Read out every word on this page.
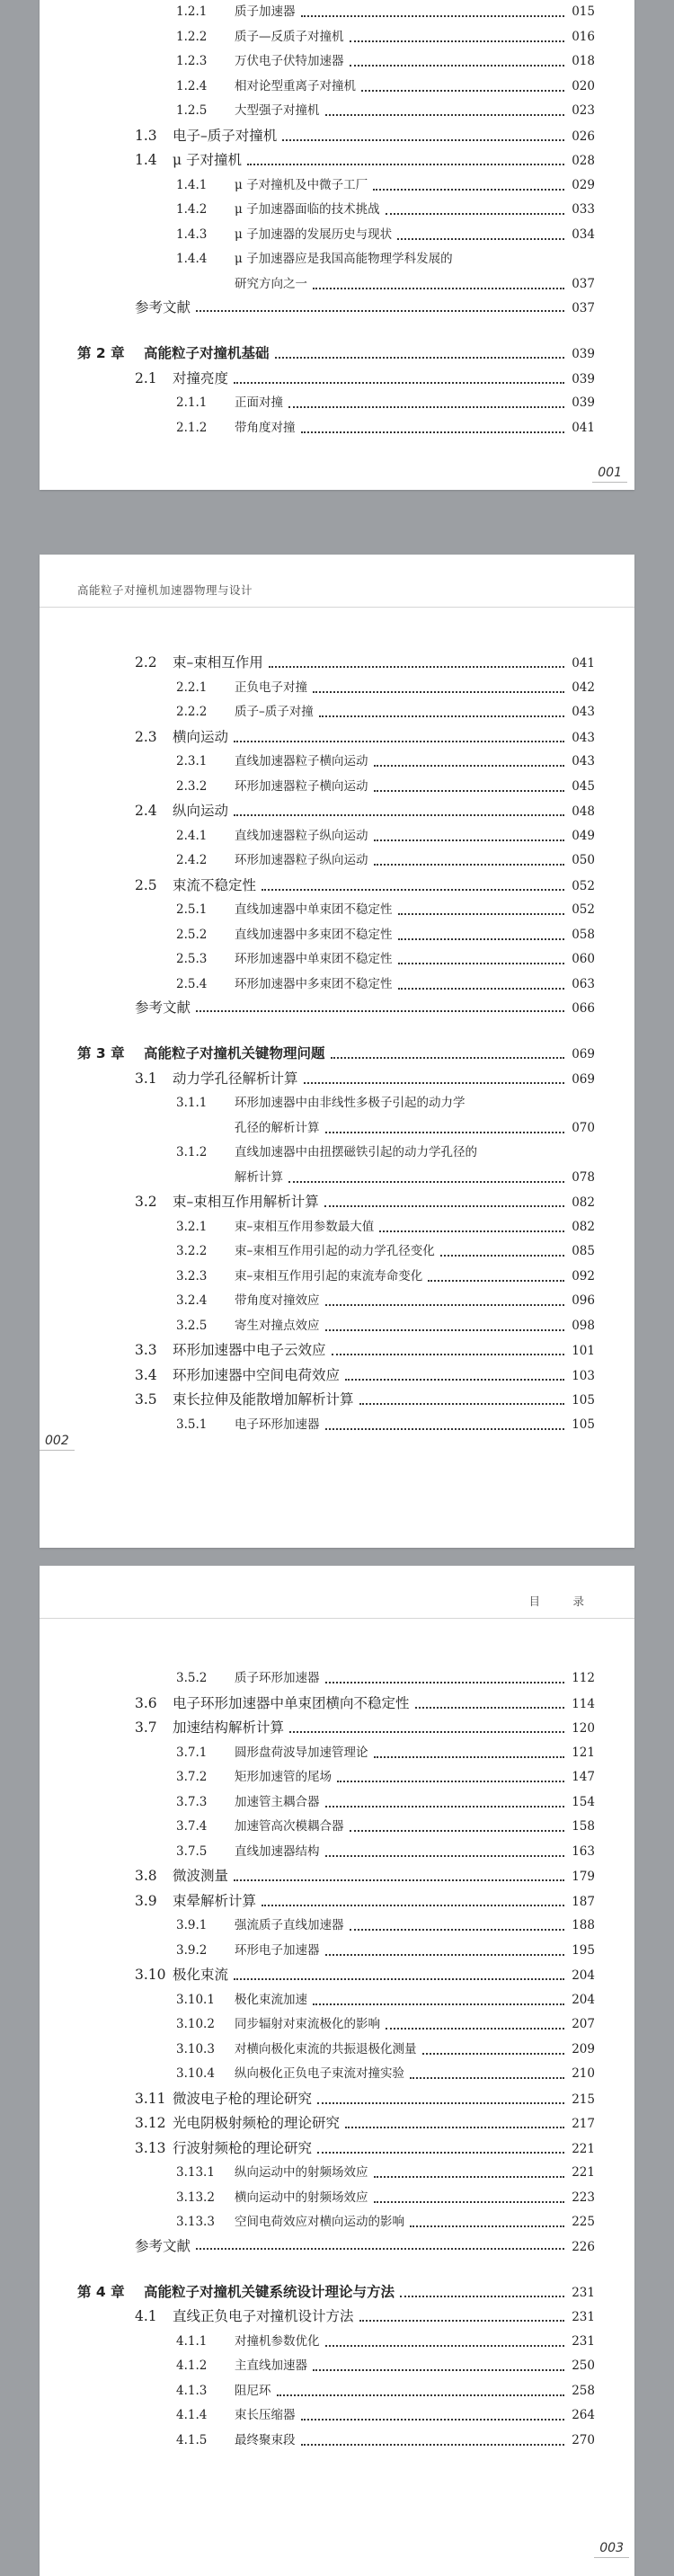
1.2.1	质子加速器	015
1.2.2	质子—反质子对撞机	016
1.2.3	万伏电子伏特加速器	018
1.2.4	相对论型重离子对撞机	020
1.2.5	大型强子对撞机	023
1.3	电子–质子对撞机	026
1.4	μ 子对撞机	028
1.4.1	μ 子对撞机及中微子工厂	029
1.4.2	μ 子加速器面临的技术挑战	033
1.4.3	μ 子加速器的发展历史与现状	034
1.4.4	μ 子加速器应是我国高能物理学科发展的
研究方向之一	037
参考文献	037
第 2 章	高能粒子对撞机基础	039
2.1	对撞亮度	039
2.1.1	正面对撞	039
2.1.2	带角度对撞	041
001
高能粒子对撞机加速器物理与设计
2.2	束–束相互作用	041
2.2.1	正负电子对撞	042
2.2.2	质子–质子对撞	043
2.3	横向运动	043
2.3.1	直线加速器粒子横向运动	043
2.3.2	环形加速器粒子横向运动	045
2.4	纵向运动	048
2.4.1	直线加速器粒子纵向运动	049
2.4.2	环形加速器粒子纵向运动	050
2.5	束流不稳定性	052
2.5.1	直线加速器中单束团不稳定性	052
2.5.2	直线加速器中多束团不稳定性	058
2.5.3	环形加速器中单束团不稳定性	060
2.5.4	环形加速器中多束团不稳定性	063
参考文献	066
第 3 章	高能粒子对撞机关键物理问题	069
3.1	动力学孔径解析计算	069
3.1.1	环形加速器中由非线性多极子引起的动力学
孔径的解析计算	070
3.1.2	直线加速器中由扭摆磁铁引起的动力学孔径的
解析计算	078
3.2	束–束相互作用解析计算	082
3.2.1	束–束相互作用参数最大值	082
3.2.2	束–束相互作用引起的动力学孔径变化	085
3.2.3	束–束相互作用引起的束流寿命变化	092
3.2.4	带角度对撞效应	096
3.2.5	寄生对撞点效应	098
3.3	环形加速器中电子云效应	101
3.4	环形加速器中空间电荷效应	103
3.5	束长拉伸及能散增加解析计算	105
3.5.1	电子环形加速器	105
002
目　录
3.5.2	质子环形加速器	112
3.6	电子环形加速器中单束团横向不稳定性	114
3.7	加速结构解析计算	120
3.7.1	圆形盘荷波导加速管理论	121
3.7.2	矩形加速管的尾场	147
3.7.3	加速管主耦合器	154
3.7.4	加速管高次模耦合器	158
3.7.5	直线加速器结构	163
3.8	微波测量	179
3.9	束晕解析计算	187
3.9.1	强流质子直线加速器	188
3.9.2	环形电子加速器	195
3.10 极化束流	204
3.10.1	极化束流加速	204
3.10.2	同步辐射对束流极化的影响	207
3.10.3	对横向极化束流的共振退极化测量	209
3.10.4	纵向极化正负电子束流对撞实验	210
3.11 微波电子枪的理论研究	215
3.12 光电阴极射频枪的理论研究	217
3.13 行波射频枪的理论研究	221
3.13.1	纵向运动中的射频场效应	221
3.13.2	横向运动中的射频场效应	223
3.13.3	空间电荷效应对横向运动的影响	225
参考文献	226
第 4 章	高能粒子对撞机关键系统设计理论与方法	231
4.1	直线正负电子对撞机设计方法	231
4.1.1	对撞机参数优化	231
4.1.2	主直线加速器	250
4.1.3	阻尼环	258
4.1.4	束长压缩器	264
4.1.5	最终聚束段	270
003
